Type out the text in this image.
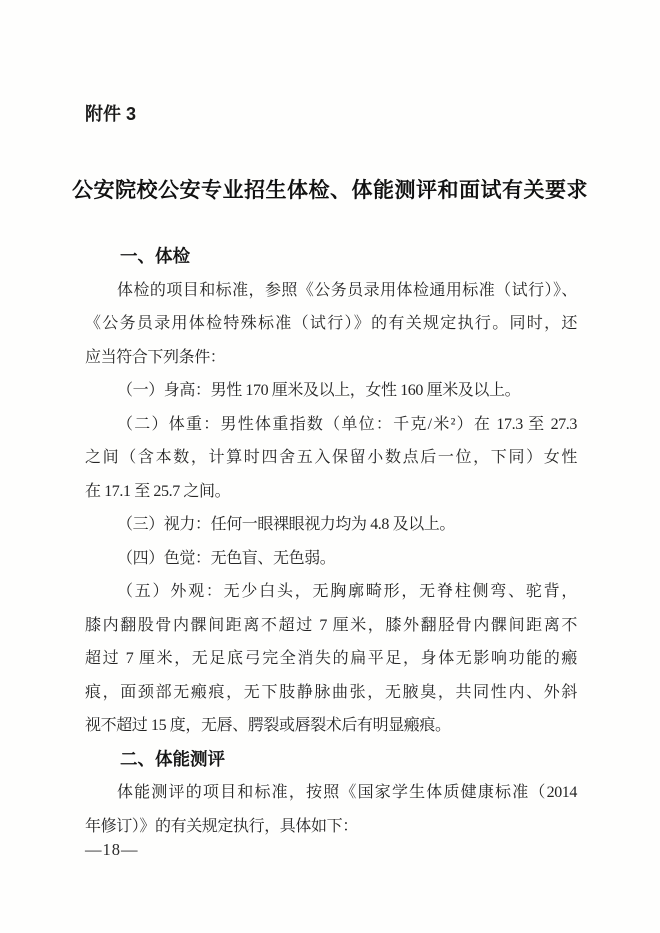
附件 3
公安院校公安专业招生体检、体能测评和面试有关要求
一、体检
体检的项目和标准，参照《公务员录用体检通用标准（试行）》、
《公务员录用体检特殊标准（试行）》的有关规定执行。同时，还
应当符合下列条件：
（一）身高：男性 170 厘米及以上，女性 160 厘米及以上。
（二）体重：男性体重指数（单位：千克/米²）在 17.3 至 27.3
之间（含本数，计算时四舍五入保留小数点后一位，下同）女性
在 17.1 至 25.7 之间。
（三）视力：任何一眼裸眼视力均为 4.8 及以上。
（四）色觉：无色盲、无色弱。
（五）外观：无少白头，无胸廓畸形，无脊柱侧弯、驼背，
膝内翻股骨内髁间距离不超过 7 厘米，膝外翻胫骨内髁间距离不
超过 7 厘米，无足底弓完全消失的扁平足，身体无影响功能的瘢
痕，面颈部无瘢痕，无下肢静脉曲张，无腋臭，共同性内、外斜
视不超过 15 度，无唇、腭裂或唇裂术后有明显瘢痕。
二、体能测评
体能测评的项目和标准，按照《国家学生体质健康标准（2014
年修订）》的有关规定执行，具体如下：
—18—
